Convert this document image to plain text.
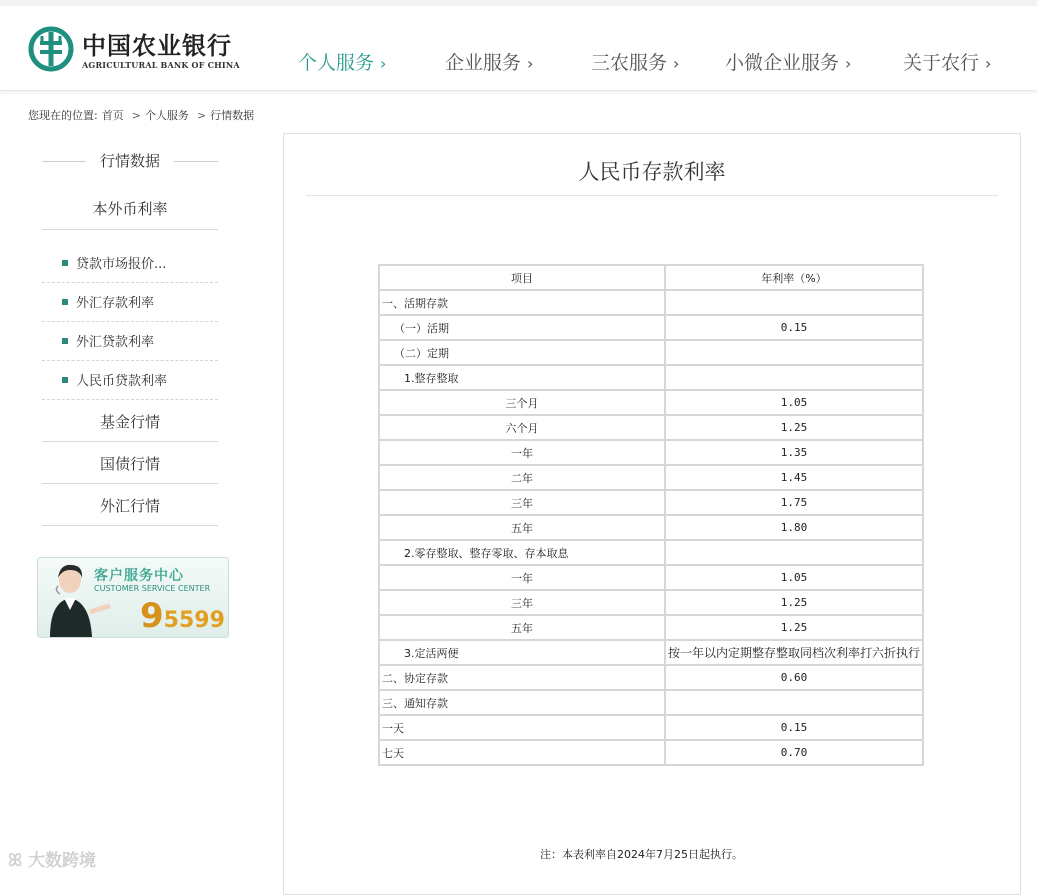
中国农业银行
AGRICULTURAL BANK OF CHINA	个人服务 ›	企业服务 ›	三农服务 › 小微企业服务 ›	关于农行 ›
您现在的位置: 首页 > 个人服务 > 行情数据
行情数据
本外币利率
贷款市场报价...
外汇存款利率
外汇贷款利率
人民币贷款利率
基金行情
国债行情
外汇行情
客户服务中心
CUSTOMER SERVICE CENTER
95599
人民币存款利率
项目	年利率（%）
一、活期存款	
（一）活期	0.15
（二）定期	
1.整存整取	
三个月	1.05
六个月	1.25
一年	1.35
二年	1.45
三年	1.75
五年	1.80
2.零存整取、整存零取、存本取息	
一年	1.05
三年	1.25
五年	1.25
3.定活两便	按一年以内定期整存整取同档次利率打六折执行
二、协定存款	0.60
三、通知存款	
一天	0.15
七天	0.70
注：本表利率自2024年7月25日起执行。
ꕤ 大数跨境
